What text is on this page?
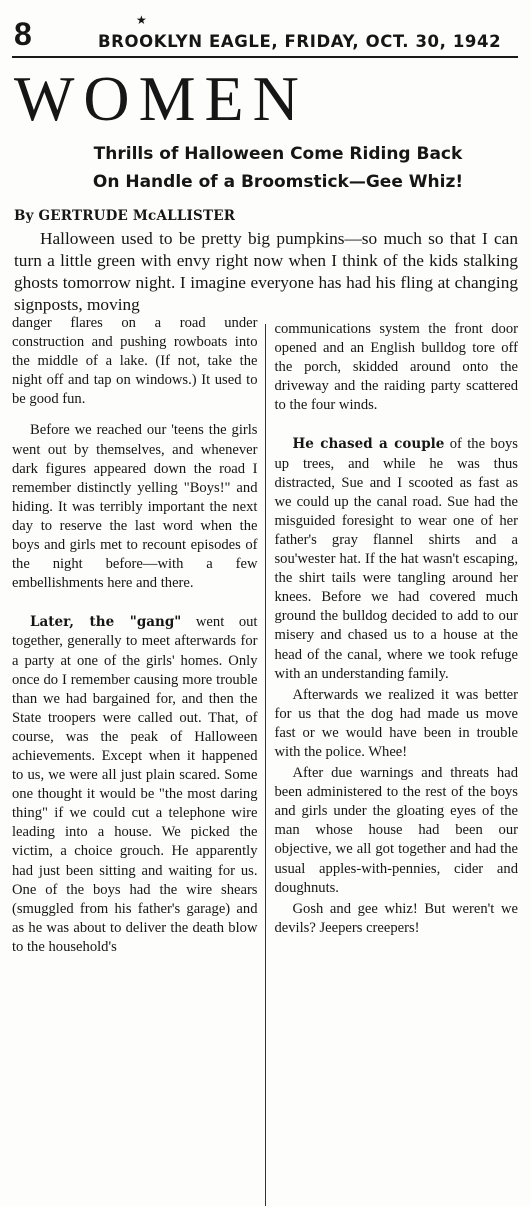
8	★
BROOKLYN EAGLE, FRIDAY, OCT. 30, 1942
WOMEN
Thrills of Halloween Come Riding Back
On Handle of a Broomstick—Gee Whiz!
By GERTRUDE McALLISTER

Halloween used to be pretty big pumpkins—so much so that I can turn a little green with envy right now when I think of the kids stalking ghosts tomorrow night. I imagine everyone has had his fling at changing signposts, moving

danger flares on a road under construction and pushing rowboats into the middle of a lake. (If not, take the night off and tap on windows.) It used to be good fun.

Before we reached our 'teens the girls went out by themselves, and whenever dark figures appeared down the road I remember distinctly yelling "Boys!" and hiding. It was terribly important the next day to reserve the last word when the boys and girls met to recount episodes of the night before—with a few embellishments here and there.

Later, the "gang" went out together, generally to meet afterwards for a party at one of the girls' homes. Only once do I remember causing more trouble than we had bargained for, and then the State troopers were called out. That, of course, was the peak of Halloween achievements. Except when it happened to us, we were all just plain scared. Some one thought it would be "the most daring thing" if we could cut a telephone wire leading into a house. We picked the victim, a choice grouch. He apparently had just been sitting and waiting for us. One of the boys had the wire shears (smuggled from his father's garage) and as he was about to deliver the death blow to the household's

communications system the front door opened and an English bulldog tore off the porch, skidded around onto the driveway and the raiding party scattered to the four winds.

He chased a couple of the boys up trees, and while he was thus distracted, Sue and I scooted as fast as we could up the canal road. Sue had the misguided foresight to wear one of her father's gray flannel shirts and a sou'wester hat. If the hat wasn't escaping, the shirt tails were tangling around her knees. Before we had covered much ground the bulldog decided to add to our misery and chased us to a house at the head of the canal, where we took refuge with an understanding family.

Afterwards we realized it was better for us that the dog had made us move fast or we would have been in trouble with the police. Whee!

After due warnings and threats had been administered to the rest of the boys and girls under the gloating eyes of the man whose house had been our objective, we all got together and had the usual apples-with-pennies, cider and doughnuts.

Gosh and gee whiz! But weren't we devils? Jeepers creepers!
